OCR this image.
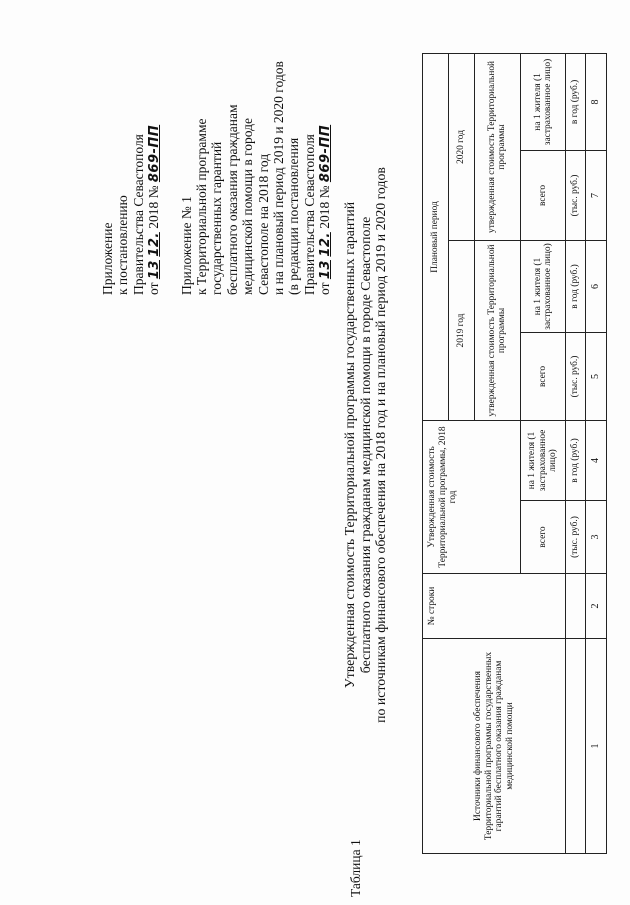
Приложение к постановлению Правительства Севастополя от 13 12. 2018 № 869-ПП
Приложение № 1 к Территориальной программе государственных гарантий бесплатного оказания гражданам медицинской помощи в городе Севастополе на 2018 год и на плановый период 2019 и 2020 годов (в редакции постановления Правительства Севастополя от 13 12. 2018 № 869-ПП
Утвержденная стоимость Территориальной программы государственных гарантий бесплатного оказания гражданам медицинской помощи в городе Севастополе по источникам финансового обеспечения на 2018 год и на плановый период 2019 и 2020 годов
Таблица 1
Источники финансового обеспечения Территориальной программы государственных гарантий бесплатного оказания гражданам медицинской помощи	№ строки	Утвержденная стоимость Территориальной программы, 2018 год		Плановый период			
				2019 год		2020 год	
				утвержденная стоимость Территориальной программы		утвержденная стоимость Территориальной программы	
		всего	на 1 жителя (1 застрахованное лицо)	всего	на 1 жителя (1 застрахованное лицо)	всего	на 1 жителя (1 застрахованное лицо)
		(тыс. руб.)	в год (руб.)	(тыс. руб.)	в год (руб.)	(тыс. руб.)	в год (руб.)
1	2	3	4	5	6	7	8
